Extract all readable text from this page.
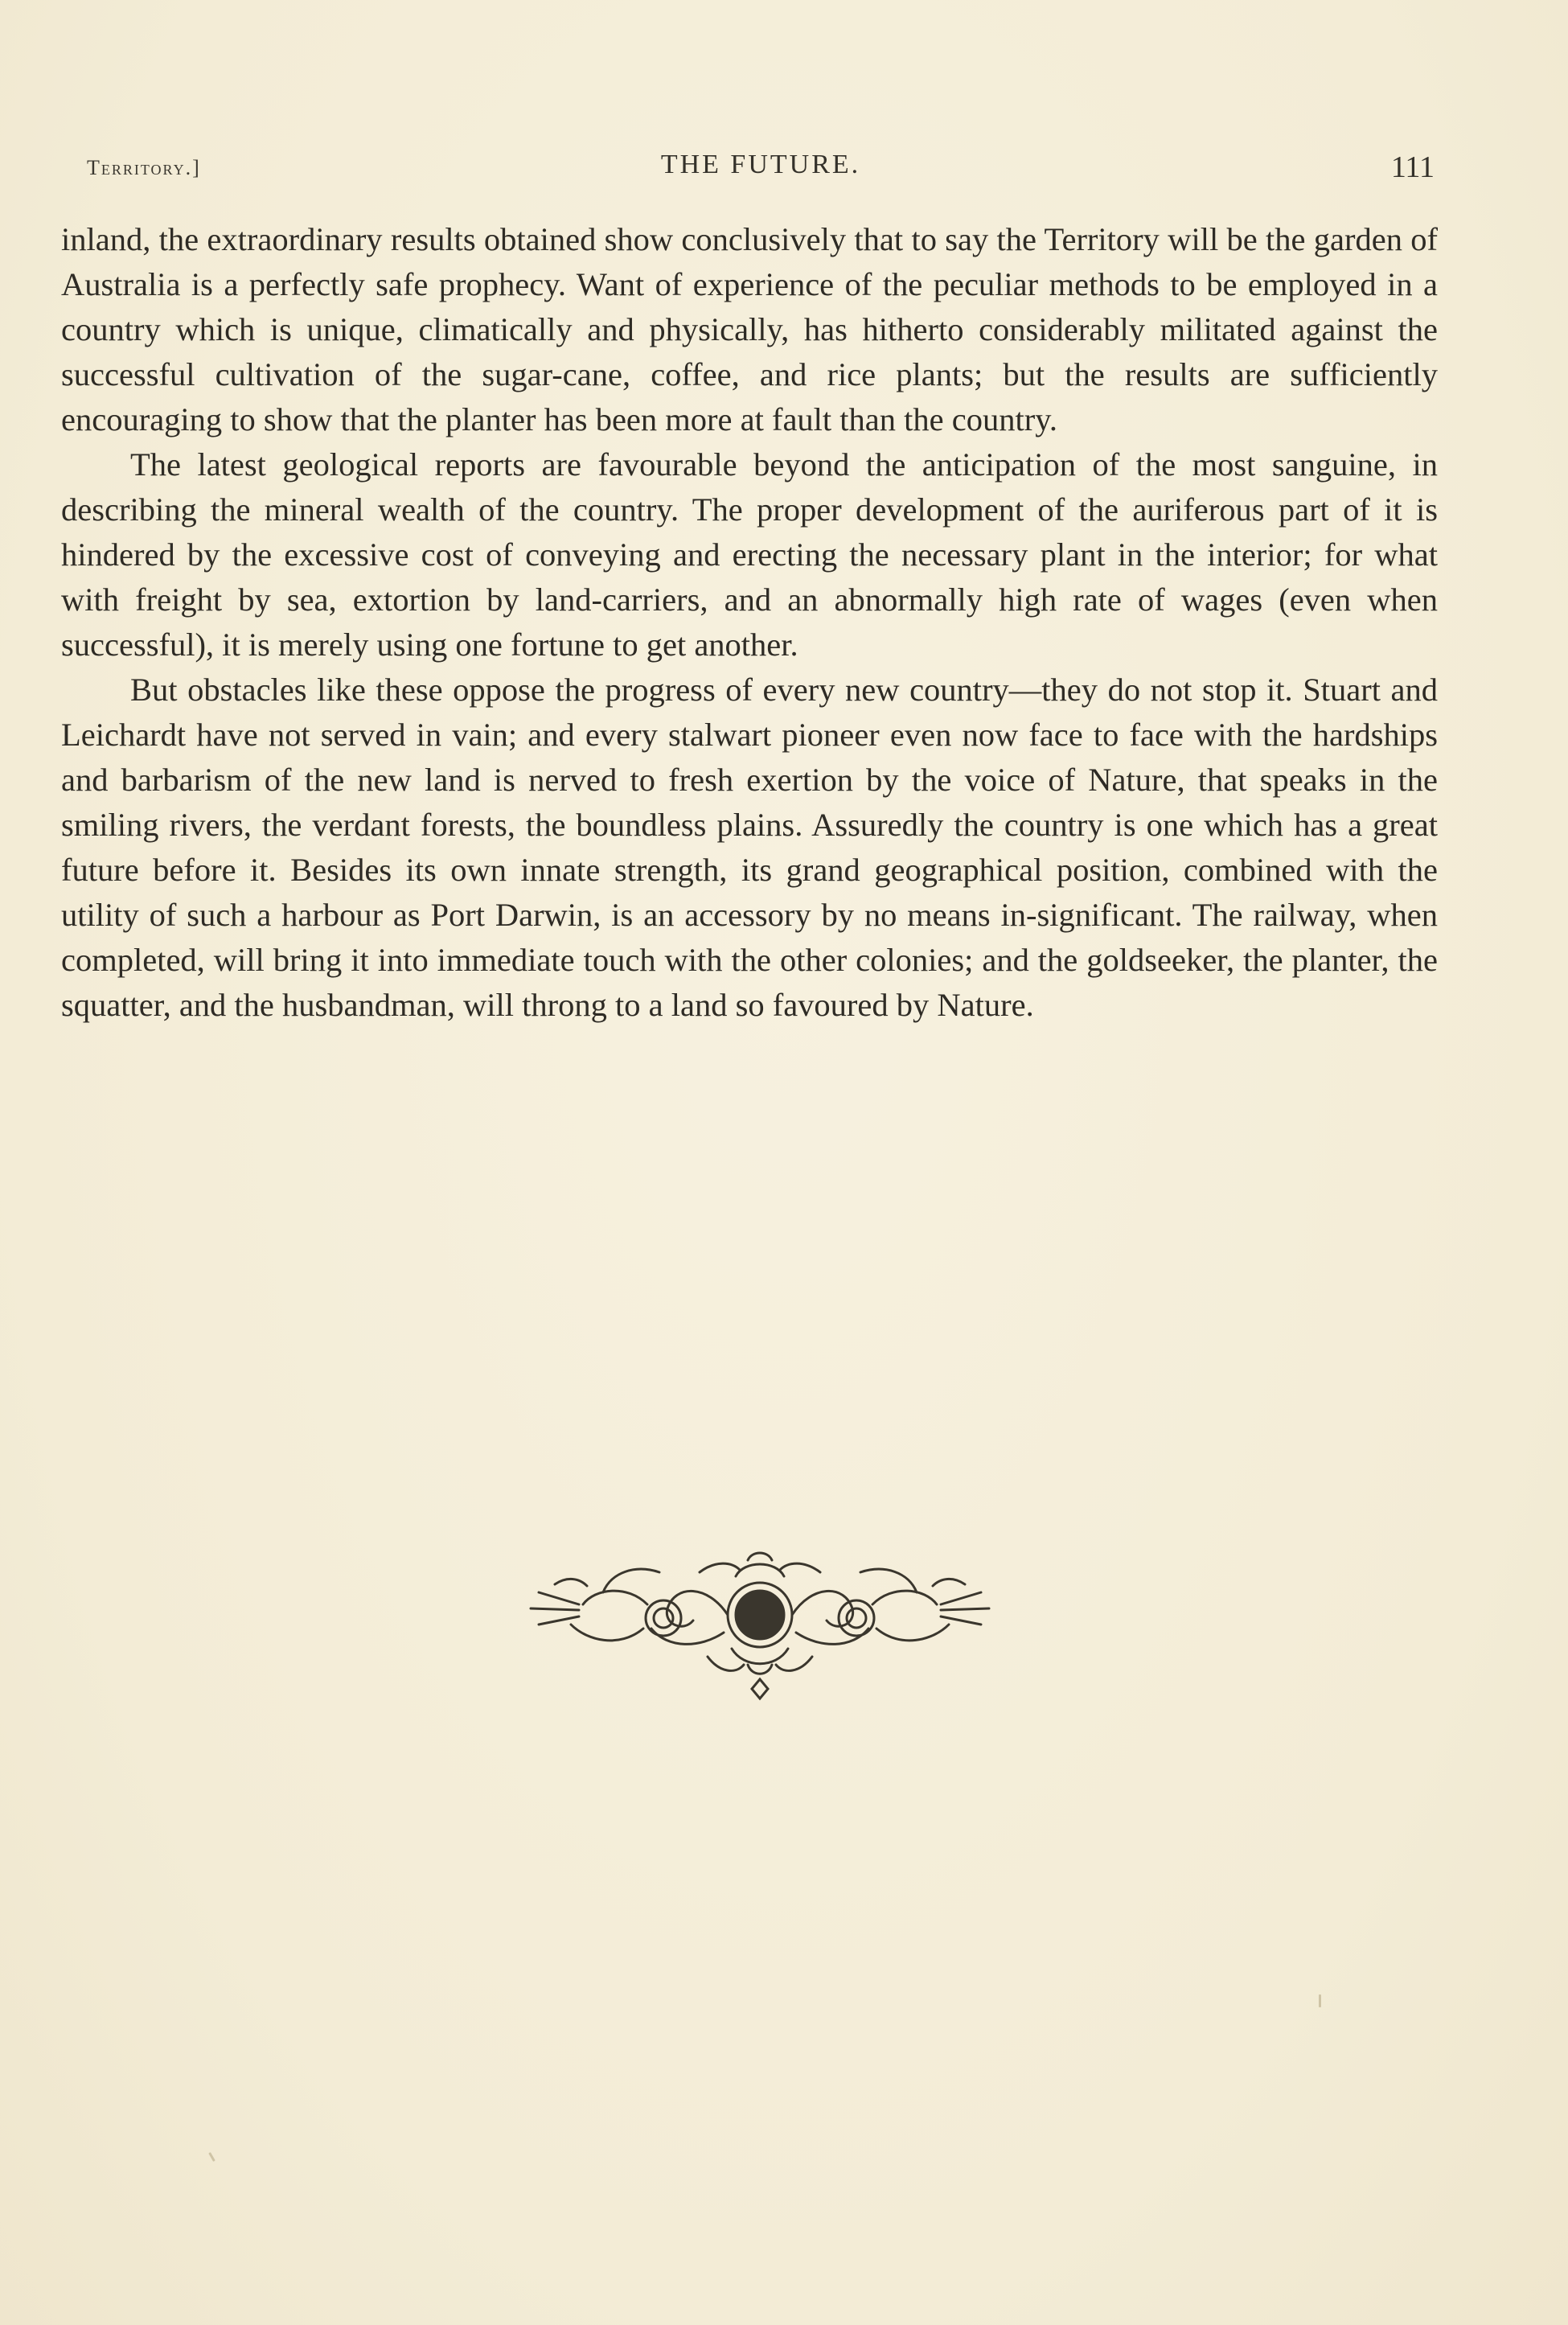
Territory.]	THE FUTURE.	111

inland, the extraordinary results obtained show conclusively that to say the Territory will be the garden of Australia is a perfectly safe prophecy. Want of experience of the peculiar methods to be employed in a country which is unique, climatically and physically, has hitherto considerably militated against the successful cultivation of the sugar-cane, coffee, and rice plants; but the results are sufficiently encouraging to show that the planter has been more at fault than the country.

The latest geological reports are favourable beyond the anticipation of the most sanguine, in describing the mineral wealth of the country. The proper development of the auriferous part of it is hindered by the excessive cost of conveying and erecting the necessary plant in the interior; for what with freight by sea, extortion by land-carriers, and an abnormally high rate of wages (even when successful), it is merely using one fortune to get another.

But obstacles like these oppose the progress of every new country—they do not stop it. Stuart and Leichardt have not served in vain; and every stalwart pioneer even now face to face with the hardships and barbarism of the new land is nerved to fresh exertion by the voice of Nature, that speaks in the smiling rivers, the verdant forests, the boundless plains. Assuredly the country is one which has a great future before it. Besides its own innate strength, its grand geographical position, combined with the utility of such a harbour as Port Darwin, is an accessory by no means in-significant. The railway, when completed, will bring it into immediate touch with the other colonies; and the goldseeker, the planter, the squatter, and the husbandman, will throng to a land so favoured by Nature.
